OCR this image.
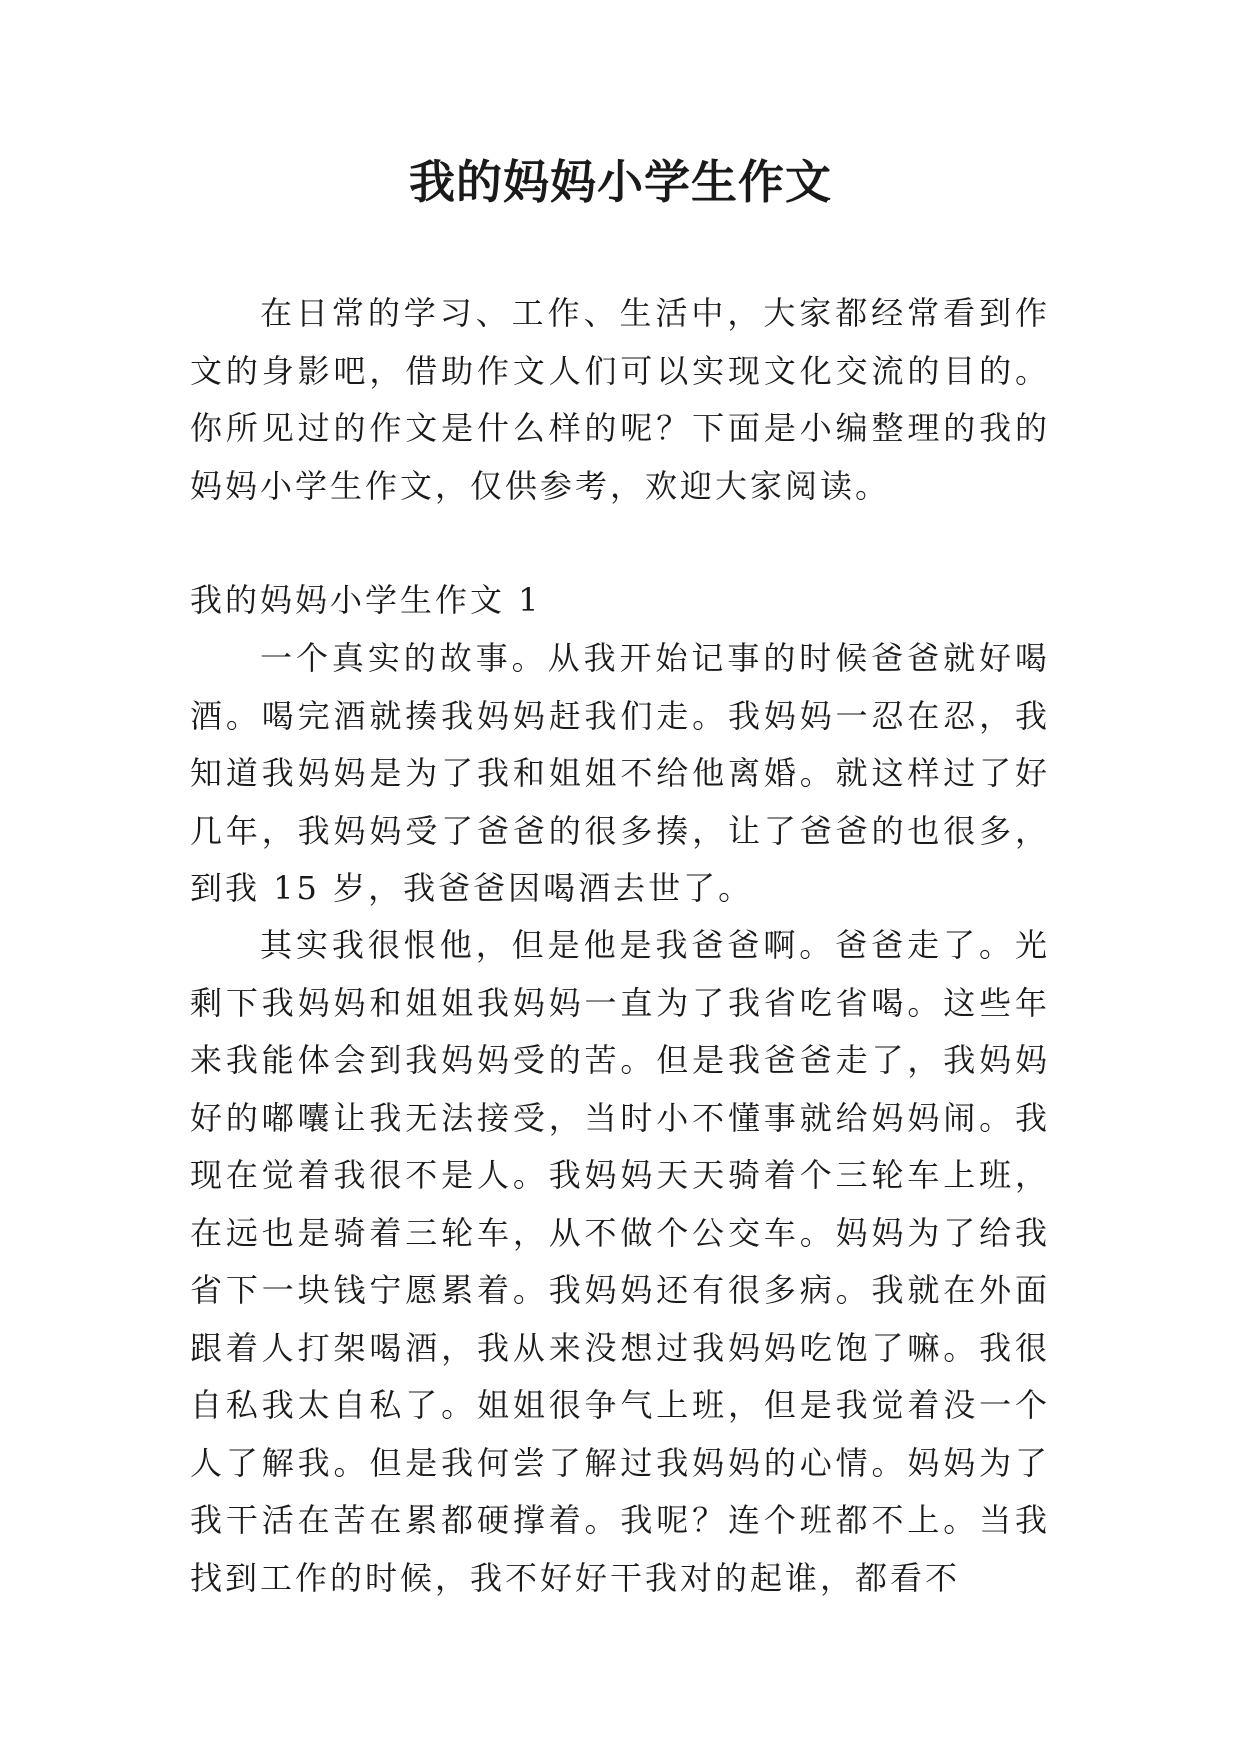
我的妈妈小学生作文

在日常的学习、工作、生活中，大家都经常看到作文的身影吧，借助作文人们可以实现文化交流的目的。你所见过的作文是什么样的呢？下面是小编整理的我的妈妈小学生作文，仅供参考，欢迎大家阅读。

我的妈妈小学生作文 1

一个真实的故事。从我开始记事的时候爸爸就好喝酒。喝完酒就揍我妈妈赶我们走。我妈妈一忍在忍，我知道我妈妈是为了我和姐姐不给他离婚。就这样过了好几年，我妈妈受了爸爸的很多揍，让了爸爸的也很多，到我 15 岁，我爸爸因喝酒去世了。

其实我很恨他，但是他是我爸爸啊。爸爸走了。光剩下我妈妈和姐姐我妈妈一直为了我省吃省喝。这些年来我能体会到我妈妈受的苦。但是我爸爸走了，我妈妈好的嘟囔让我无法接受，当时小不懂事就给妈妈闹。我现在觉着我很不是人。我妈妈天天骑着个三轮车上班，在远也是骑着三轮车，从不做个公交车。妈妈为了给我省下一块钱宁愿累着。我妈妈还有很多病。我就在外面跟着人打架喝酒，我从来没想过我妈妈吃饱了嘛。我很自私我太自私了。姐姐很争气上班，但是我觉着没一个人了解我。但是我何尝了解过我妈妈的心情。妈妈为了我干活在苦在累都硬撑着。我呢？连个班都不上。当我找到工作的时候，我不好好干我对的起谁，都看不
